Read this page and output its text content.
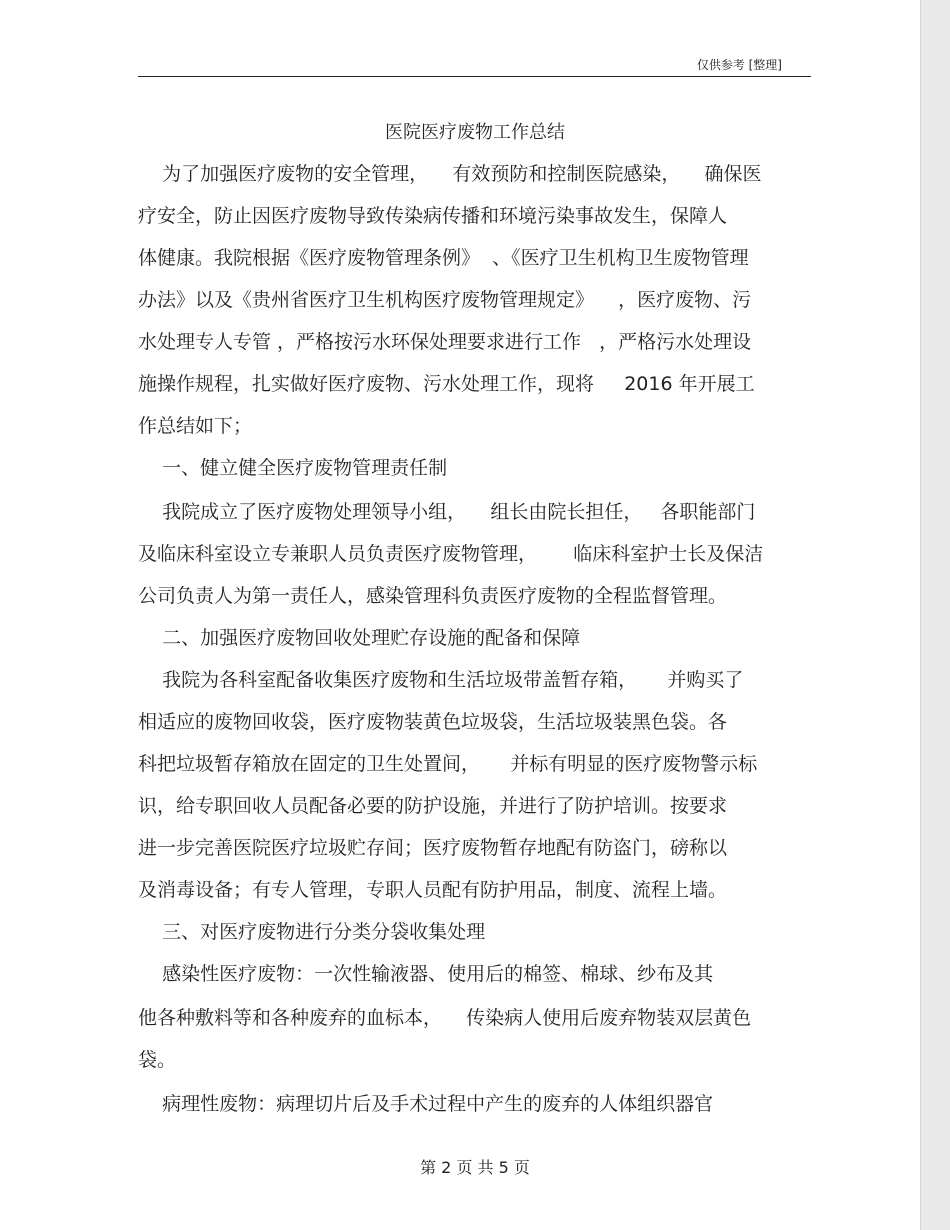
仅供参考 [整理]
医院医疗废物工作总结
为了加强医疗废物的安全管理，    有效预防和控制医院感染，    确保医
疗安全，防止因医疗废物导致传染病传播和环境污染事故发生，保障人
体健康。我院根据《医疗废物管理条例》  、《医疗卫生机构卫生废物管理
办法》以及《贵州省医疗卫生机构医疗废物管理规定》    ，医疗废物、污
水处理专人专管 ，严格按污水环保处理要求进行工作   ，严格污水处理设
施操作规程，扎实做好医疗废物、污水处理工作，现将     2016 年开展工
作总结如下；
一、健立健全医疗废物管理责任制
我院成立了医疗废物处理领导小组，    组长由院长担任，   各职能部门
及临床科室设立专兼职人员负责医疗废物管理，      临床科室护士长及保洁
公司负责人为第一责任人，感染管理科负责医疗废物的全程监督管理。
二、加强医疗废物回收处理贮存设施的配备和保障
我院为各科室配备收集医疗废物和生活垃圾带盖暂存箱，     并购买了
相适应的废物回收袋，医疗废物装黄色垃圾袋，生活垃圾装黑色袋。各
科把垃圾暂存箱放在固定的卫生处置间，     并标有明显的医疗废物警示标
识，给专职回收人员配备必要的防护设施，并进行了防护培训。按要求
进一步完善医院医疗垃圾贮存间；医疗废物暂存地配有防盗门，磅称以
及消毒设备；有专人管理，专职人员配有防护用品，制度、流程上墙。
三、对医疗废物进行分类分袋收集处理
感染性医疗废物：一次性输液器、使用后的棉签、棉球、纱布及其
他各种敷料等和各种废弃的血标本，    传染病人使用后废弃物装双层黄色
袋。
病理性废物：病理切片后及手术过程中产生的废弃的人体组织器官
第 2 页 共 5 页
